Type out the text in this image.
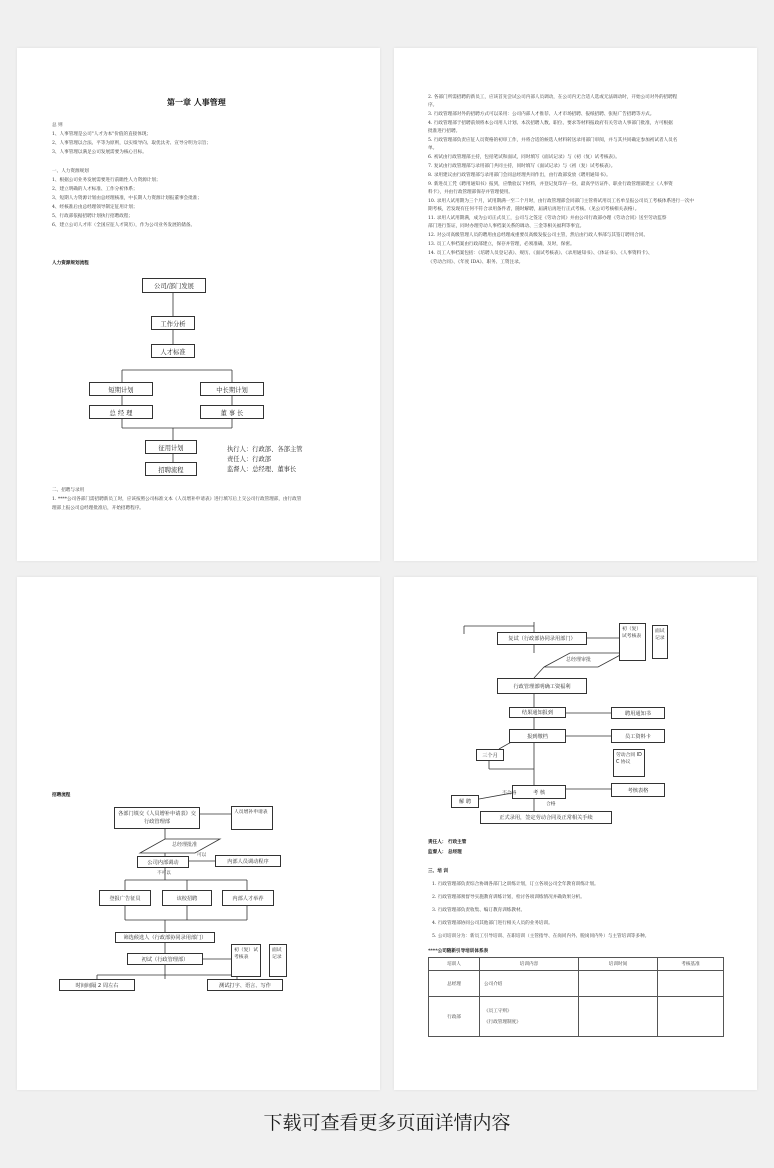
第一章 人事管理
总 则
1、人事管理是公司"人才为本"价值的直接体现；
2、人事管理以合法、平等为原则，以实绩导向、取优汰劣、宣导分明为宗旨；
3、人事管理以满足公司发展需要为核心目标。
一、人力资源规划
1、根据公司业务发展需要进行前瞻性人力资源计划；
2、建立明确的人才标准、工作分析体系；
3、短期人力资源计划由总经理核准，中长期人力资源计划报董事会批准；
4、经核准后由总经理领导制定征用计划；
5、行政部依据招聘计划执行招聘政程；
6、建立公司人才库（全国应征人才简历），作为公司业务发展的储备。
人力资源规划流程
公司/部门发展
工作分析
人才标准
短期计划	中长期计划
总 经 理	董 事 长
征用计划
招聘流程
执行人：行政部、各部主管
责任人：行政部
监督人：总经理、董事长
二、招聘与录用
1. ****公司各部门需招聘新员工时，应该按照公司标准文本《人员增补申请表》进行填写后上交公司行政管理部，由行政管
理部上报公司总经理批准后，开始招聘程序。
2. 各部门所需招聘的新员工，应该首先尝试公司内部人员调动，在公司内无合适人选或无法调动时，开始公司对外的招聘程
序。
3. 行政管理部对外的招聘方式可以采用：公司内部人才推荐、人才市场招聘、报纸招聘、张贴广告招聘等方式。
4. 行政管理部于招聘前须将本公司用人计划、本次招聘人数、职位、要求等材料报政府有关劳动人事部门批准，方可根据
批准进行招聘。
5. 行政管理部负责应征人员资格的初审工作，并将合适的候选人材料转送录用部门审阅，并与其共同确定参加初试者人员名
单。
6. 初试由行政管理部主持，包括笔试和面试，同时填写《面试记录》与《初（复）试考核表》。
7. 复试由行政管理部与录用部门共同主持，同时填写《面试记录》与《初（复）试考核表》。
8. 录用建议由行政管理部与录用部门会同总经理共同作出，由行政部发放《聘用通知书》。
9. 新进员工凭《聘用通知书》报到，应缴验以下材料，并登记复印存一份，最高学历证件、职业行政管理部建立《人事资
料卡》，并由行政管理部保存并管理使用。
10. 录用人试用期为三个月，试用期满一至二个月时，由行政管理部会同部门主管将试用员工名单呈报公司员工考核体系进行一次中
期考核，若发现有任何不符合录用条件者，随时解聘，届满后再进行正式考核。（见公司考核相关表格）。
11. 录用人试用期满，成为公司正式员工，公司与之签定《劳动合同》并由公司行政部办理《劳动合同》送至劳动监察
部门进行鉴证，同时办理劳动人事档案关系的调动、三金等相关福利等事宜。
12. 对公司高级管理人员的聘用由总经理成重要员高级发报公司主管，然后由行政人事部与其签订聘用合同。
13. 员工人事档案由行政部建立，保存并管理，必须准确，及时，保密。
14. 员工人事档案包括：《培聘人员登记表》、规历、《面试考核表》、《录用通知书》、《体证书》、《人事资料卡》、
《劳动合同》、《年度 IDA》、职务、工资注录。
招聘流程
各部门填交《人员增补申请表》交行政管理部
人员增补申请表
总经理批准
公司内部调动
可以
内部人员调动程序
不可以
登报广告征员	该校招聘	内部人才举荐
筛选候选人（行政部协同录用部门）
初试（行政管理部）
初（复）试考核表
面试记录
时间间隔 2 周左右	测试打字、语言、写作
复试（行政部协同录用部门）
初（复）试考核表
面试记录
总经理审批
行政管理部明确工资福利
结果通知报到	聘用通知书
报到缴档	员工资料卡
三个月	劳动合同 IDC 协议
考 核	考核表格
不合格
解 聘	合格
正式录用，签定劳动合同及正常相关手续
责任人： 行政主管
监督人： 总经理
三、培 训
1. 行政管理部负责综合协调各部门之训练计划，订立各项公司全年教育训练计划。
2. 行政管理部须督导实施教育训练计划，检讨各项训练情况并确效果分析。
3. 行政管理部负责收集、编订教育训练教材。
4. 行政管理部协同公司其他部门进行相关人员的业务培训。
5. 公司培训分为：新员工引导培训、在职培训（主管指导、在岗同内外、脱岗同内外）与主管培训等多种。
****公司随新引导培训体系表
培训人	培训内容	培训时间	考核基准
总经理	公司介绍		
行政部	《员工守则》

《行政管理制度》		
下载可查看更多页面详情内容
